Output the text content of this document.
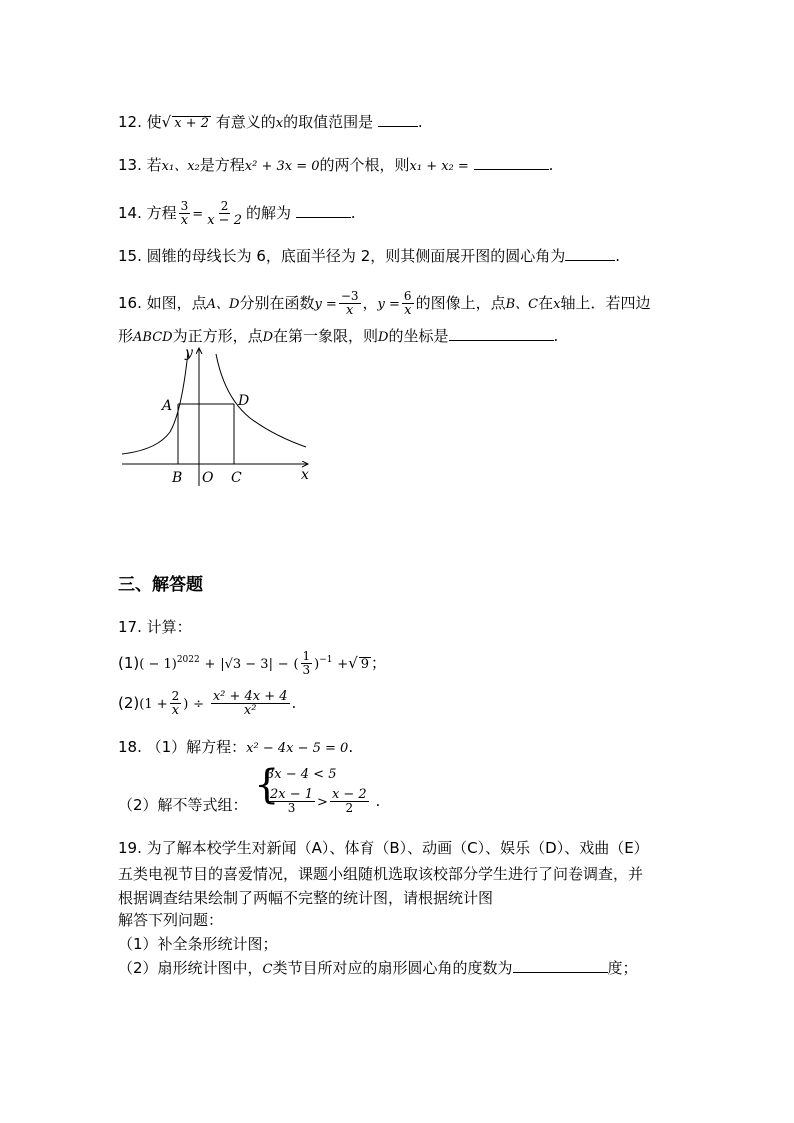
12. 使√ x + 2 有意义的x的取值范围是	.
13. 若x₁、x₂是方程x² + 3x = 0的两个根，则x₁ + x₂ =	.
14. 方程 $\frac{3}{x} = \frac{2}{x - 2}$ 的解为	.
15. 圆锥的母线长为 6，底面半径为 2，则其侧面展开图的圆心角为	.
16. 如图，点A、D分别在函数$y = \frac{-3}{x}$ ，$y = \frac{6}{x}$ 的图像上，点B、C在x轴上．若四边
形ABCD为正方形，点D在第一象限，则D的坐标是	.
y
x
A	D
B O C
三、解答题
17. 计算：
$(1)( - 1)^{2022} + |√3 - 3|$ − ( $\frac{1}{3} )^{-1}$ +√ 9 ；
$(2)(1 + \frac{2}{x}$ ) ÷ $\frac{\text{x² + 4x + 4}}{\text{x²}}$ .
18. （1）解方程：x² − 4x − 5 = 0.
（2）解不等式组： {
3x − 4 < 5
$\frac{2x - 1}{3} > \frac{x - 2}{2}$ .
19. 为了解本校学生对新闻（A）、体育（B）、动画（C）、娱乐（D）、戏曲（E）
五类电视节目的喜爱情况，课题小组随机选取该校部分学生进行了问卷调查，并
根据调查结果绘制了两幅不完整的统计图，请根据统计图
解答下列问题：
（1）补全条形统计图；
（2）扇形统计图中，C类节目所对应的扇形圆心角的度数为	度；
